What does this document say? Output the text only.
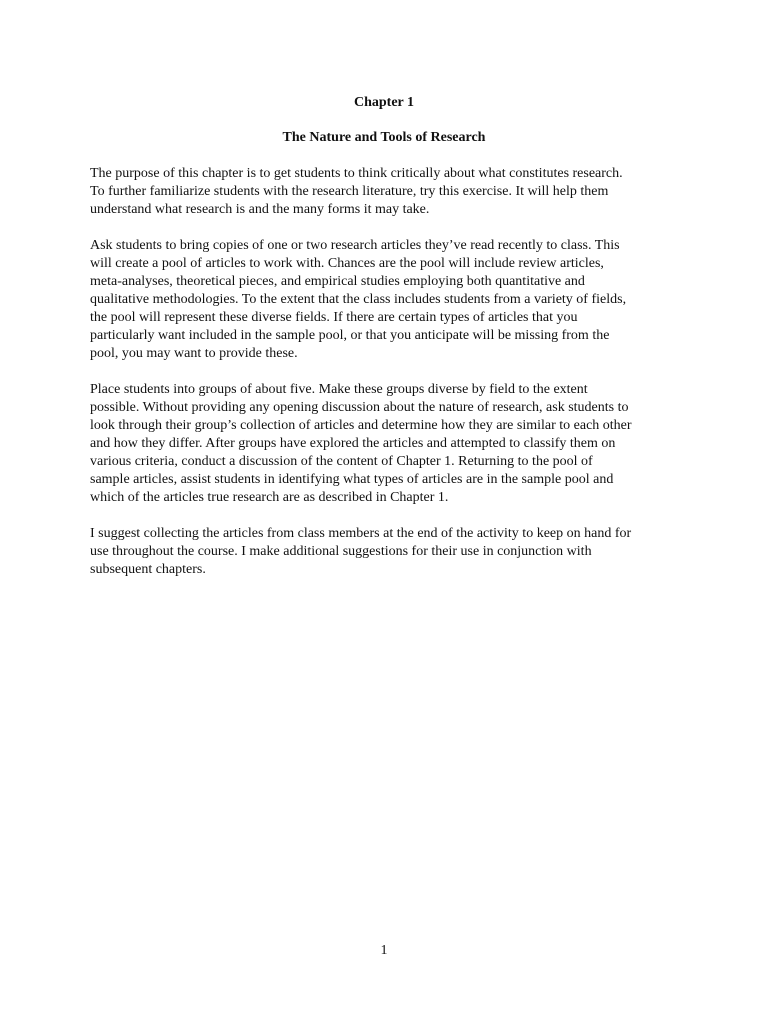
Chapter 1
The Nature and Tools of Research

The purpose of this chapter is to get students to think critically about what constitutes research.
To further familiarize students with the research literature, try this exercise. It will help them
understand what research is and the many forms it may take.

Ask students to bring copies of one or two research articles they’ve read recently to class. This
will create a pool of articles to work with. Chances are the pool will include review articles,
meta-analyses, theoretical pieces, and empirical studies employing both quantitative and
qualitative methodologies. To the extent that the class includes students from a variety of fields,
the pool will represent these diverse fields. If there are certain types of articles that you
particularly want included in the sample pool, or that you anticipate will be missing from the
pool, you may want to provide these.

Place students into groups of about five. Make these groups diverse by field to the extent
possible. Without providing any opening discussion about the nature of research, ask students to
look through their group’s collection of articles and determine how they are similar to each other
and how they differ. After groups have explored the articles and attempted to classify them on
various criteria, conduct a discussion of the content of Chapter 1. Returning to the pool of
sample articles, assist students in identifying what types of articles are in the sample pool and
which of the articles true research are as described in Chapter 1.

I suggest collecting the articles from class members at the end of the activity to keep on hand for
use throughout the course. I make additional suggestions for their use in conjunction with
subsequent chapters.

1
